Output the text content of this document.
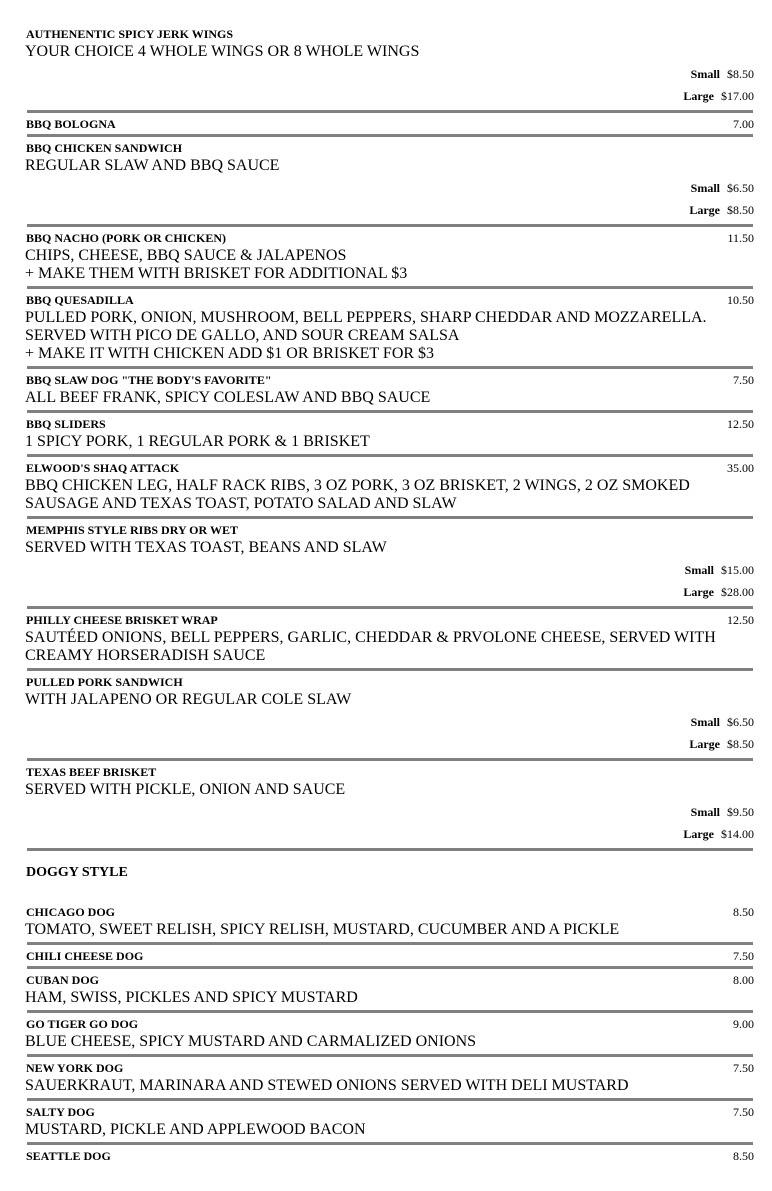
AUTHENENTIC SPICY JERK WINGS
YOUR CHOICE 4 WHOLE WINGS OR 8 WHOLE WINGS
Small $8.50
Large $17.00
BBQ BOLOGNA	7.00
BBQ CHICKEN SANDWICH
REGULAR SLAW AND BBQ SAUCE
Small $6.50
Large $8.50
BBQ NACHO (PORK OR CHICKEN)	11.50
CHIPS, CHEESE, BBQ SAUCE & JALAPENOS
+ MAKE THEM WITH BRISKET FOR ADDITIONAL $3
BBQ QUESADILLA	10.50
PULLED PORK, ONION, MUSHROOM, BELL PEPPERS, SHARP CHEDDAR AND MOZZARELLA.
SERVED WITH PICO DE GALLO, AND SOUR CREAM SALSA
+ MAKE IT WITH CHICKEN ADD $1 OR BRISKET FOR $3
BBQ SLAW DOG "THE BODY'S FAVORITE"	7.50
ALL BEEF FRANK, SPICY COLESLAW AND BBQ SAUCE
BBQ SLIDERS	12.50
1 SPICY PORK, 1 REGULAR PORK & 1 BRISKET
ELWOOD'S SHAQ ATTACK	35.00
BBQ CHICKEN LEG, HALF RACK RIBS, 3 OZ PORK, 3 OZ BRISKET, 2 WINGS, 2 OZ SMOKED
SAUSAGE AND TEXAS TOAST, POTATO SALAD AND SLAW
MEMPHIS STYLE RIBS DRY OR WET
SERVED WITH TEXAS TOAST, BEANS AND SLAW
Small $15.00
Large $28.00
PHILLY CHEESE BRISKET WRAP	12.50
SAUTÉED ONIONS, BELL PEPPERS, GARLIC, CHEDDAR & PRVOLONE CHEESE, SERVED WITH
CREAMY HORSERADISH SAUCE
PULLED PORK SANDWICH
WITH JALAPENO OR REGULAR COLE SLAW
Small $6.50
Large $8.50
TEXAS BEEF BRISKET
SERVED WITH PICKLE, ONION AND SAUCE
Small $9.50
Large $14.00
DOGGY STYLE
CHICAGO DOG	8.50
TOMATO, SWEET RELISH, SPICY RELISH, MUSTARD, CUCUMBER AND A PICKLE
CHILI CHEESE DOG	7.50
CUBAN DOG	8.00
HAM, SWISS, PICKLES AND SPICY MUSTARD
GO TIGER GO DOG	9.00
BLUE CHEESE, SPICY MUSTARD AND CARMALIZED ONIONS
NEW YORK DOG	7.50
SAUERKRAUT, MARINARA AND STEWED ONIONS SERVED WITH DELI MUSTARD
SALTY DOG	7.50
MUSTARD, PICKLE AND APPLEWOOD BACON
SEATTLE DOG	8.50
